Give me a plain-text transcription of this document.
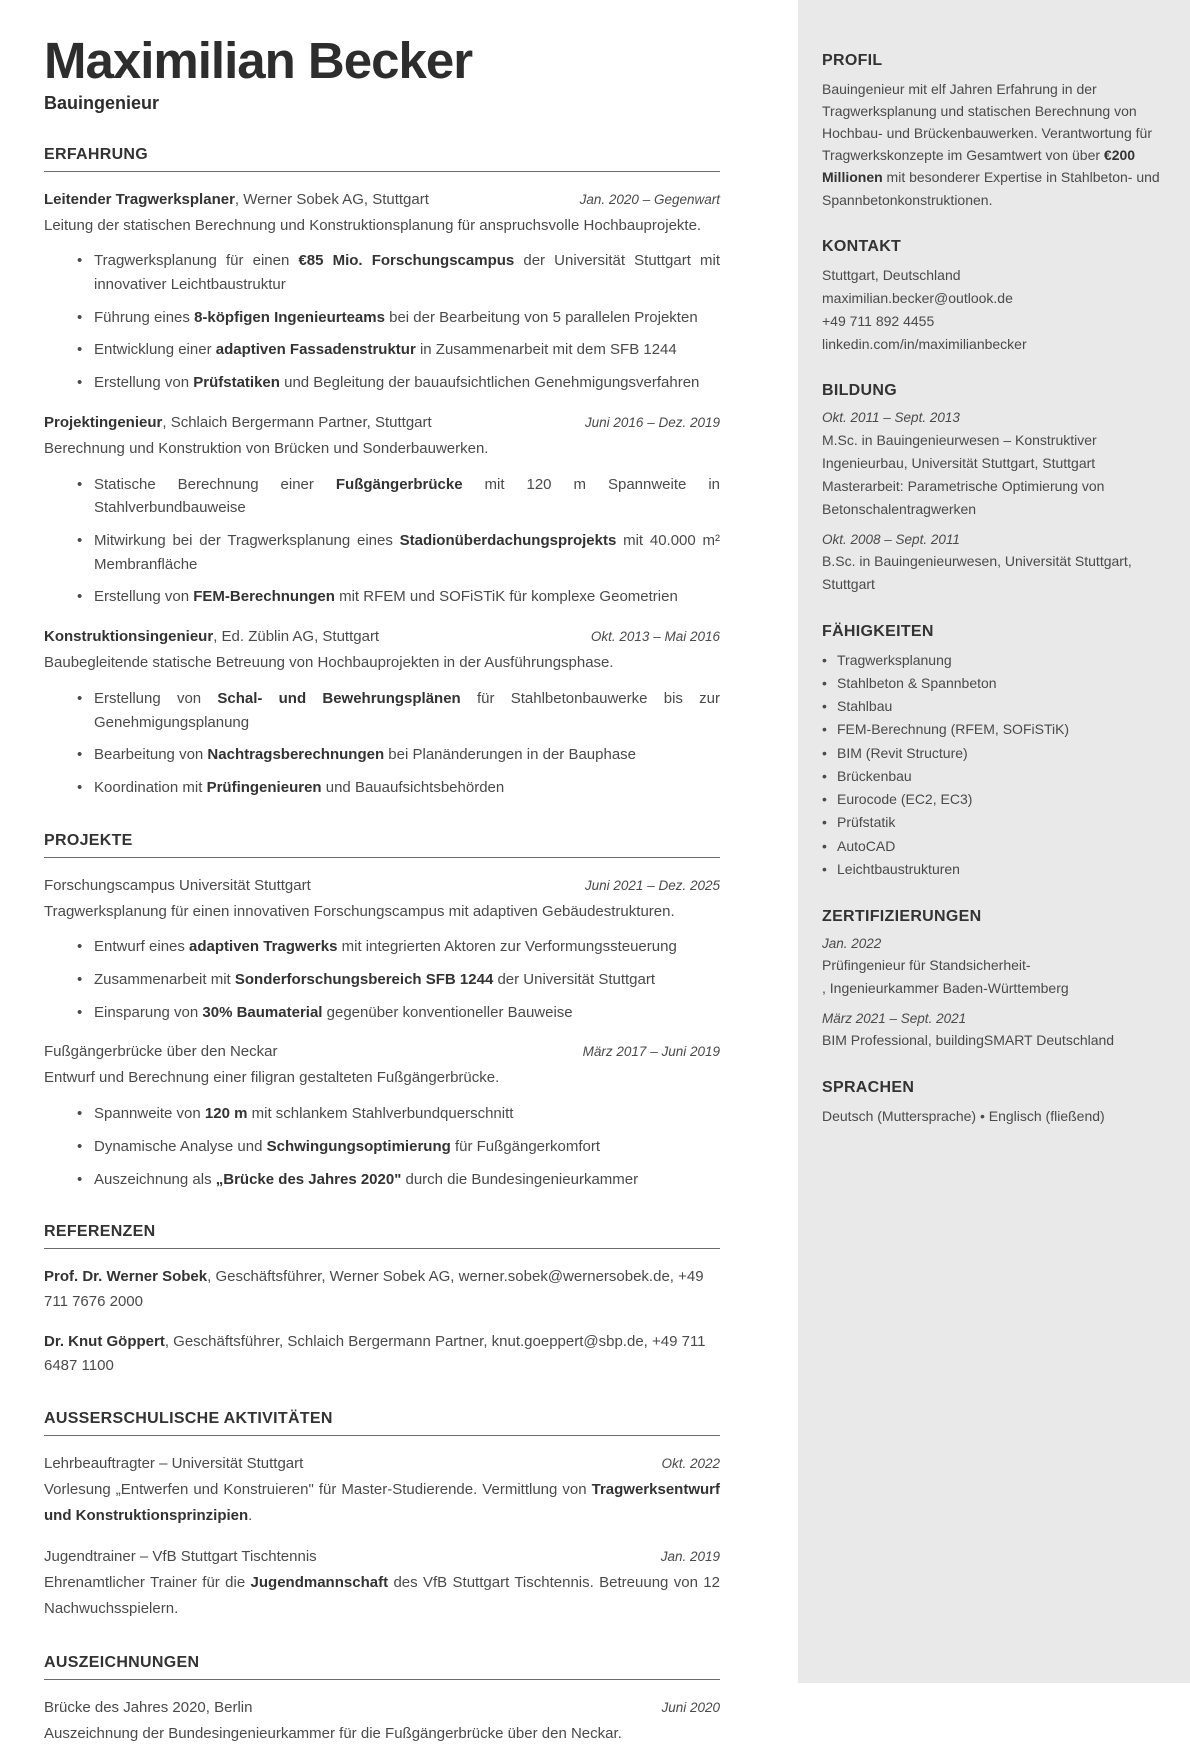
Maximilian Becker
Bauingenieur
ERFAHRUNG
Leitender Tragwerksplaner, Werner Sobek AG, Stuttgart	Jan. 2020 – Gegenwart
Leitung der statischen Berechnung und Konstruktionsplanung für anspruchsvolle Hochbauprojekte.
• Tragwerksplanung für einen €85 Mio. Forschungscampus der Universität Stuttgart mit innovativer Leichtbaustruktur
• Führung eines 8-köpfigen Ingenieurteams bei der Bearbeitung von 5 parallelen Projekten
• Entwicklung einer adaptiven Fassadenstruktur in Zusammenarbeit mit dem SFB 1244
• Erstellung von Prüfstatiken und Begleitung der bauaufsichtlichen Genehmigungsverfahren
Projektingenieur, Schlaich Bergermann Partner, Stuttgart	Juni 2016 – Dez. 2019
Berechnung und Konstruktion von Brücken und Sonderbauwerken.
• Statische Berechnung einer Fußgängerbrücke mit 120 m Spannweite in Stahlverbundbauweise
• Mitwirkung bei der Tragwerksplanung eines Stadionüberdachungsprojekts mit 40.000 m² Membranfläche
• Erstellung von FEM-Berechnungen mit RFEM und SOFiSTiK für komplexe Geometrien
Konstruktionsingenieur, Ed. Züblin AG, Stuttgart	Okt. 2013 – Mai 2016
Baubegleitende statische Betreuung von Hochbauprojekten in der Ausführungsphase.
• Erstellung von Schal- und Bewehrungsplänen für Stahlbetonbauwerke bis zur Genehmigungsplanung
• Bearbeitung von Nachtragsberechnungen bei Planänderungen in der Bauphase
• Koordination mit Prüfingenieuren und Bauaufsichtsbehörden
PROJEKTE
Forschungscampus Universität Stuttgart	Juni 2021 – Dez. 2025
Tragwerksplanung für einen innovativen Forschungscampus mit adaptiven Gebäudestrukturen.
• Entwurf eines adaptiven Tragwerks mit integrierten Aktoren zur Verformungssteuerung
• Zusammenarbeit mit Sonderforschungsbereich SFB 1244 der Universität Stuttgart
• Einsparung von 30% Baumaterial gegenüber konventioneller Bauweise
Fußgängerbrücke über den Neckar	März 2017 – Juni 2019
Entwurf und Berechnung einer filigran gestalteten Fußgängerbrücke.
• Spannweite von 120 m mit schlankem Stahlverbundquerschnitt
• Dynamische Analyse und Schwingungsoptimierung für Fußgängerkomfort
• Auszeichnung als „Brücke des Jahres 2020" durch die Bundesingenieurkammer
REFERENZEN

Prof. Dr. Werner Sobek, Geschäftsführer, Werner Sobek AG, werner.sobek@wernersobek.de, +49 711 7676 2000

Dr. Knut Göppert, Geschäftsführer, Schlaich Bergermann Partner, knut.goeppert@sbp.de, +49 711 6487 1100

AUSSERSCHULISCHE AKTIVITÄTEN
Lehrbeauftragter – Universität Stuttgart	Okt. 2022
Vorlesung „Entwerfen und Konstruieren" für Master-Studierende. Vermittlung von Tragwerksentwurf und Konstruktionsprinzipien.
Jugendtrainer – VfB Stuttgart Tischtennis	Jan. 2019
Ehrenamtlicher Trainer für die Jugendmannschaft des VfB Stuttgart Tischtennis. Betreuung von 12 Nachwuchsspielern.
AUSZEICHNUNGEN
Brücke des Jahres 2020, Berlin	Juni 2020
Auszeichnung der Bundesingenieurkammer für die Fußgängerbrücke über den Neckar.
PROFIL

Bauingenieur mit elf Jahren Erfahrung in der Tragwerksplanung und statischen Berechnung von Hochbau- und Brückenbauwerken. Verantwortung für Tragwerkskonzepte im Gesamtwert von über €200 Millionen mit besonderer Expertise in Stahlbeton- und Spannbetonkonstruktionen.

KONTAKT
Stuttgart, Deutschland
maximilian.becker@outlook.de
+49 711 892 4455
linkedin.com/in/maximilianbecker
BILDUNG
Okt. 2011 – Sept. 2013
M.Sc. in Bauingenieurwesen – Konstruktiver Ingenieurbau, Universität Stuttgart, Stuttgart
Masterarbeit: Parametrische Optimierung von Betonschalentragwerken
Okt. 2008 – Sept. 2011
B.Sc. in Bauingenieurwesen, Universität Stuttgart, Stuttgart
FÄHIGKEITEN
• Tragwerksplanung
• Stahlbeton & Spannbeton
• Stahlbau
• FEM-Berechnung (RFEM, SOFiSTiK)
• BIM (Revit Structure)
• Brückenbau
• Eurocode (EC2, EC3)
• Prüfstatik
• AutoCAD
• Leichtbaustrukturen
ZERTIFIZIERUNGEN
Jan. 2022
Prüfingenieur für Standsicherheit-
, Ingenieurkammer Baden-Württemberg
März 2021 – Sept. 2021
BIM Professional, buildingSMART Deutschland
SPRACHEN
Deutsch (Muttersprache) • Englisch (fließend)
